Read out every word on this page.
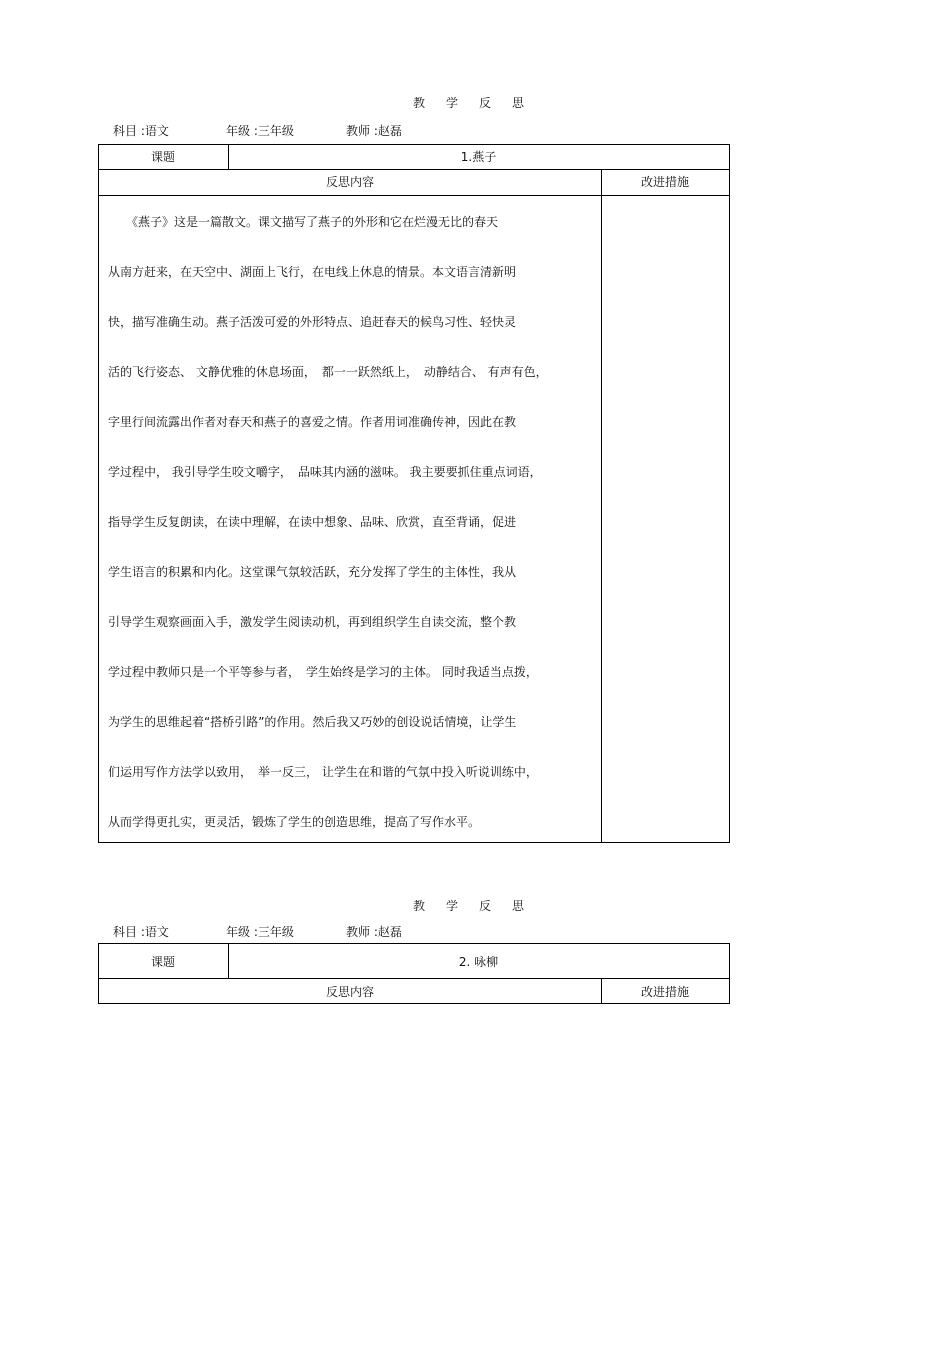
教 学 反 思
科目 :语文	年级 :三年级	教师 :赵磊
课题	1.燕子
反思内容	改进措施
　　《燕子》这是一篇散文。课文描写了燕子的外形和它在烂漫无比的春天
从南方赶来，在天空中、湖面上飞行，在电线上休息的情景。本文语言清新明
快，描写准确生动。燕子活泼可爱的外形特点、追赶春天的候鸟习性、轻快灵
活的飞行姿态、 文静优雅的休息场面，　都一一跃然纸上，　动静结合、 有声有色，
字里行间流露出作者对春天和燕子的喜爱之情。作者用词准确传神，因此在教
学过程中， 我引导学生咬文嚼字，　品味其内涵的滋味。 我主要要抓住重点词语，
指导学生反复朗读，在读中理解，在读中想象、品味、欣赏，直至背诵，促进
学生语言的积累和内化。这堂课气氛较活跃，充分发挥了学生的主体性，我从
引导学生观察画面入手，激发学生阅读动机，再到组织学生自读交流，整个教
学过程中教师只是一个平等参与者，　学生始终是学习的主体。 同时我适当点拨，
为学生的思维起着“搭桥引路”的作用。然后我又巧妙的创设说话情境，让学生
们运用写作方法学以致用，　举一反三， 让学生在和谐的气氛中投入听说训练中，
从而学得更扎实，更灵活，锻炼了学生的创造思维，提高了写作水平。
教 学 反 思
科目 :语文	年级 :三年级	教师 :赵磊
课题	2. 咏柳
反思内容	改进措施
